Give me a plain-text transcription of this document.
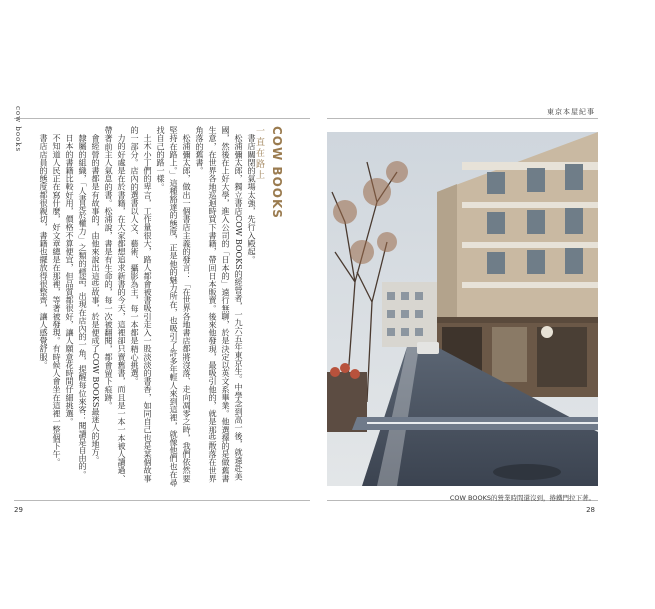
cow books	東京本屋紀事
COW BOOKS
一直在路上

書店關閉的氣場太強，先行入殿起。

松浦彌太郎，獨立書店COW BOOKS的經營者，一九六五年東京生。中學念到高一後，就遠赴美國，然後在上好大學，進入公司的「日本的」遠行無聊，於是決定以英文系畢業。他選擇的是做舊書生意，在世界各地巡迴時買下書籍，帶回日本販賣。後來他發現，最吸引他的，就是那些散落在世界角落的舊書。

松浦彌太郎，做出一個書店主義的發言：「在世界各地書店都將沒落、走向凋零之時，我們依然要堅持在路上。」這種豁達的態度，正是他的魅力所在，也吸引了許多年輕人來到這裡，就像他們也在尋找自己的路一樣。

土木小丁們的卑言，工作量很大，路人都會被書吸引走入一股淡淡的書香，如同自己也是某個故事的一部分。店內的選書以人文、藝術、攝影為主，每一本都是精心挑選。

力的好處是在於書籍，在大家都想追求新書的今天，這裡卻只賣舊書，而且是一本一本被人讀過、帶著前主人氣息的書。松浦說，書是有生命的，每一次被翻閱，都會留下痕跡。

會經營的書都是有故事的，由他來說出這些故事，於是便成了COW BOOKS最迷人的地方。

隸屬的組織，「人書是於權力」之類的標語，出現在店內的一角，提醒每位來客：閱讀是自由的。

日本的書籍比較好用，價格不算便宜，但品質都很好，讓人願意花時間仔細挑選。

不知道人民正在寫什麼，好文章總是在那裡，等著被發現。有時候人會坐在這裡一整個下午。

書店店員的態度都很親切，書籍也擺放得很整齊，讓人感覺舒服。

COW BOOKS的營業時間還沒到，捲鐵門拉下著。
29	28
